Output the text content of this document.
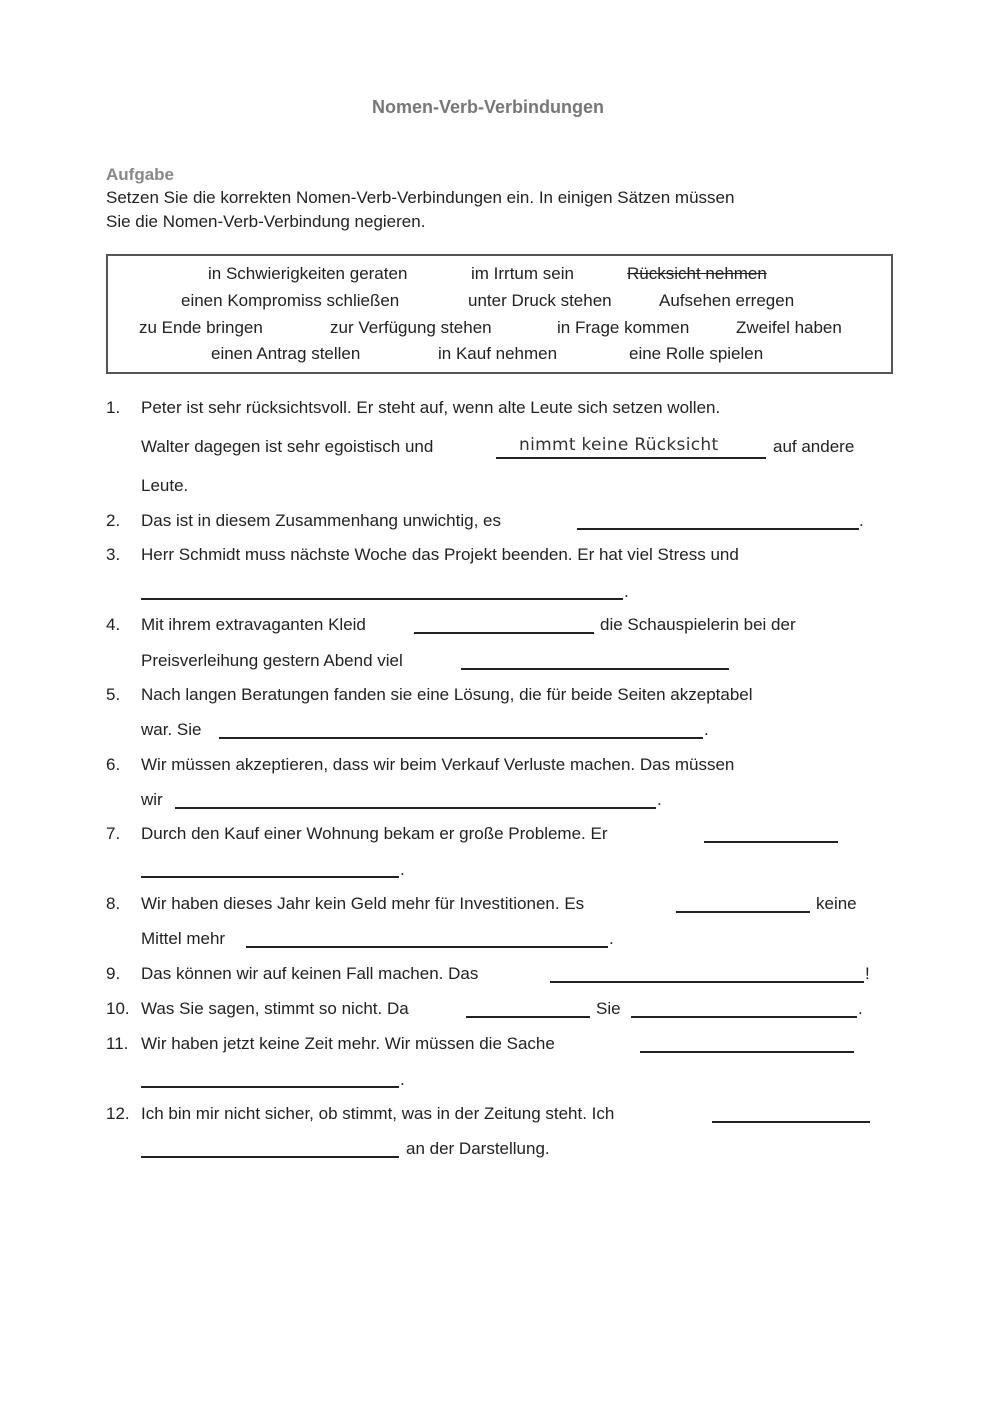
Nomen-Verb-Verbindungen
Aufgabe
Setzen Sie die korrekten Nomen-Verb-Verbindungen ein. In einigen Sätzen müssen
Sie die Nomen-Verb-Verbindung negieren.
in Schwierigkeiten geraten	im Irrtum sein	Rücksicht nehmen
einen Kompromiss schließen	unter Druck stehen	Aufsehen erregen
zu Ende bringen	zur Verfügung stehen	in Frage kommen	Zweifel haben
einen Antrag stellen	in Kauf nehmen	eine Rolle spielen
1. Peter ist sehr rücksichtsvoll. Er steht auf, wenn alte Leute sich setzen wollen.
Walter dagegen ist sehr egoistisch und	nimmt keine Rücksicht	auf andere
Leute.
2. Das ist in diesem Zusammenhang unwichtig, es	.
3. Herr Schmidt muss nächste Woche das Projekt beenden. Er hat viel Stress und
.
4. Mit ihrem extravaganten Kleid	die Schauspielerin bei der
Preisverleihung gestern Abend viel
5. Nach langen Beratungen fanden sie eine Lösung, die für beide Seiten akzeptabel
war. Sie	.
6. Wir müssen akzeptieren, dass wir beim Verkauf Verluste machen. Das müssen
wir	.
7. Durch den Kauf einer Wohnung bekam er große Probleme. Er
.
8. Wir haben dieses Jahr kein Geld mehr für Investitionen. Es	keine
Mittel mehr	.
9. Das können wir auf keinen Fall machen. Das	!
10. Was Sie sagen, stimmt so nicht. Da	Sie	.
11. Wir haben jetzt keine Zeit mehr. Wir müssen die Sache
.
12. Ich bin mir nicht sicher, ob stimmt, was in der Zeitung steht. Ich
an der Darstellung.
